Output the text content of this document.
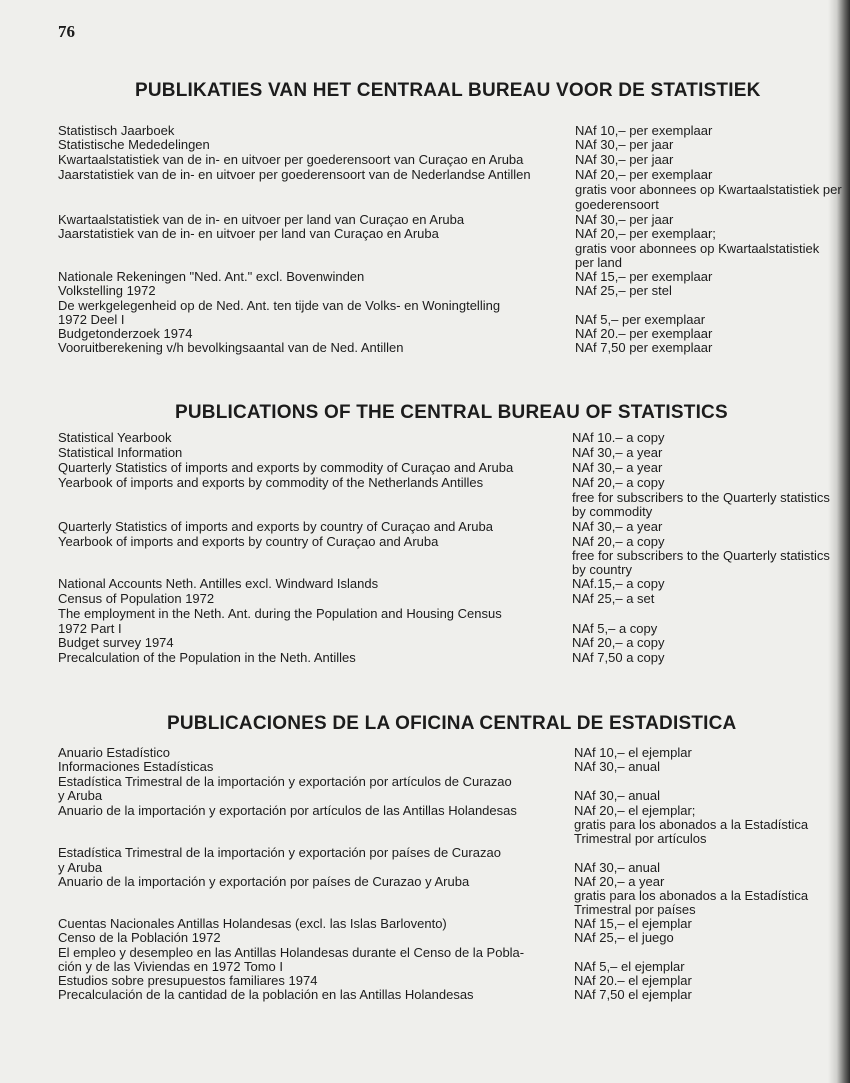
76
PUBLIKATIES VAN HET CENTRAAL BUREAU VOOR DE STATISTIEK
PUBLICATIONS OF THE CENTRAL BUREAU OF STATISTICS
PUBLICACIONES DE LA OFICINA CENTRAL DE ESTADISTICA
Statistisch Jaarboek	NAf 10,– per exemplaar
Statistische Mededelingen	NAf 30,– per jaar
Kwartaalstatistiek van de in- en uitvoer per goederensoort van Curaçao en Aruba	NAf 30,– per jaar
Jaarstatistiek van de in- en uitvoer per goederensoort van de Nederlandse Antillen	NAf 20,– per exemplaar
gratis voor abonnees op Kwartaalstatistiek per
goederensoort
Kwartaalstatistiek van de in- en uitvoer per land van Curaçao en Aruba	NAf 30,– per jaar
Jaarstatistiek van de in- en uitvoer per land van Curaçao en Aruba	NAf 20,– per exemplaar;
gratis voor abonnees op Kwartaalstatistiek
per land
Nationale Rekeningen "Ned. Ant." excl. Bovenwinden	NAf 15,– per exemplaar
Volkstelling 1972	NAf 25,– per stel
De werkgelegenheid op de Ned. Ant. ten tijde van de Volks- en Woningtelling
1972 Deel I	NAf 5,– per exemplaar
Budgetonderzoek 1974	NAf 20.– per exemplaar
Vooruitberekening v/h bevolkingsaantal van de Ned. Antillen	NAf 7,50 per exemplaar
Statistical Yearbook	NAf 10.– a copy
Statistical Information	NAf 30,– a year
Quarterly Statistics of imports and exports by commodity of Curaçao and Aruba	NAf 30,– a year
Yearbook of imports and exports by commodity of the Netherlands Antilles	NAf 20,– a copy
free for subscribers to the Quarterly statistics
by commodity
Quarterly Statistics of imports and exports by country of Curaçao and Aruba	NAf 30,– a year
Yearbook of imports and exports by country of Curaçao and Aruba	NAf 20,– a copy
free for subscribers to the Quarterly statistics
by country
National Accounts Neth. Antilles excl. Windward Islands	NAf.15,– a copy
Census of Population 1972	NAf 25,– a set
The employment in the Neth. Ant. during the Population and Housing Census
1972 Part I	NAf 5,– a copy
Budget survey 1974	NAf 20,– a copy
Precalculation of the Population in the Neth. Antilles	NAf 7,50 a copy
Anuario Estadístico	NAf 10,– el ejemplar
Informaciones Estadísticas	NAf 30,– anual
Estadística Trimestral de la importación y exportación por artículos de Curazao
y Aruba	NAf 30,– anual
Anuario de la importación y exportación por artículos de las Antillas Holandesas	NAf 20,– el ejemplar;
gratis para los abonados a la Estadística
Trimestral por artículos
Estadística Trimestral de la importación y exportación por países de Curazao
y Aruba	NAf 30,– anual
Anuario de la importación y exportación por países de Curazao y Aruba	NAf 20,– a year
gratis para los abonados a la Estadística
Trimestral por países
Cuentas Nacionales Antillas Holandesas (excl. las Islas Barlovento)	NAf 15,– el ejemplar
Censo de la Población 1972	NAf 25,– el juego
El empleo y desempleo en las Antillas Holandesas durante el Censo de la Pobla-
ción y de las Viviendas en 1972 Tomo I	NAf 5,– el ejemplar
Estudios sobre presupuestos familiares 1974	NAf 20.– el ejemplar
Precalculación de la cantidad de la población en las Antillas Holandesas	NAf 7,50 el ejemplar
